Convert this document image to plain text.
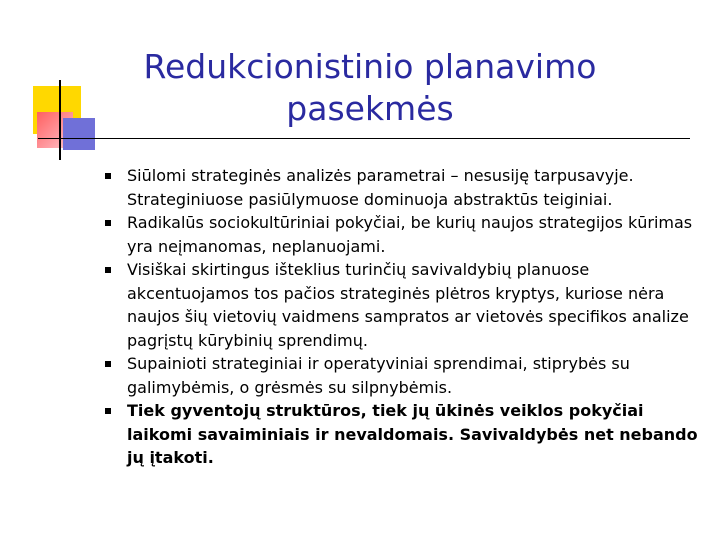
Redukcionistinio planavimo pasekmės
Siūlomi strateginės analizės parametrai – nesusiję tarpusavyje. Strateginiuose pasiūlymuose dominuoja abstraktūs teiginiai.
Radikalūs sociokultūriniai pokyčiai, be kurių naujos strategijos kūrimas yra neįmanomas, neplanuojami.
Visiškai skirtingus išteklius turinčių savivaldybių planuose akcentuojamos tos pačios strateginės plėtros kryptys, kuriose nėra naujos šių vietovių vaidmens sampratos ar vietovės specifikos analize pagrįstų kūrybinių sprendimų.
Supainioti strateginiai ir operatyviniai sprendimai, stiprybės su galimybėmis, o grėsmės su silpnybėmis.
Tiek gyventojų struktūros, tiek jų ūkinės veiklos pokyčiai laikomi savaiminiais ir nevaldomais. Savivaldybės net nebando jų įtakoti.
